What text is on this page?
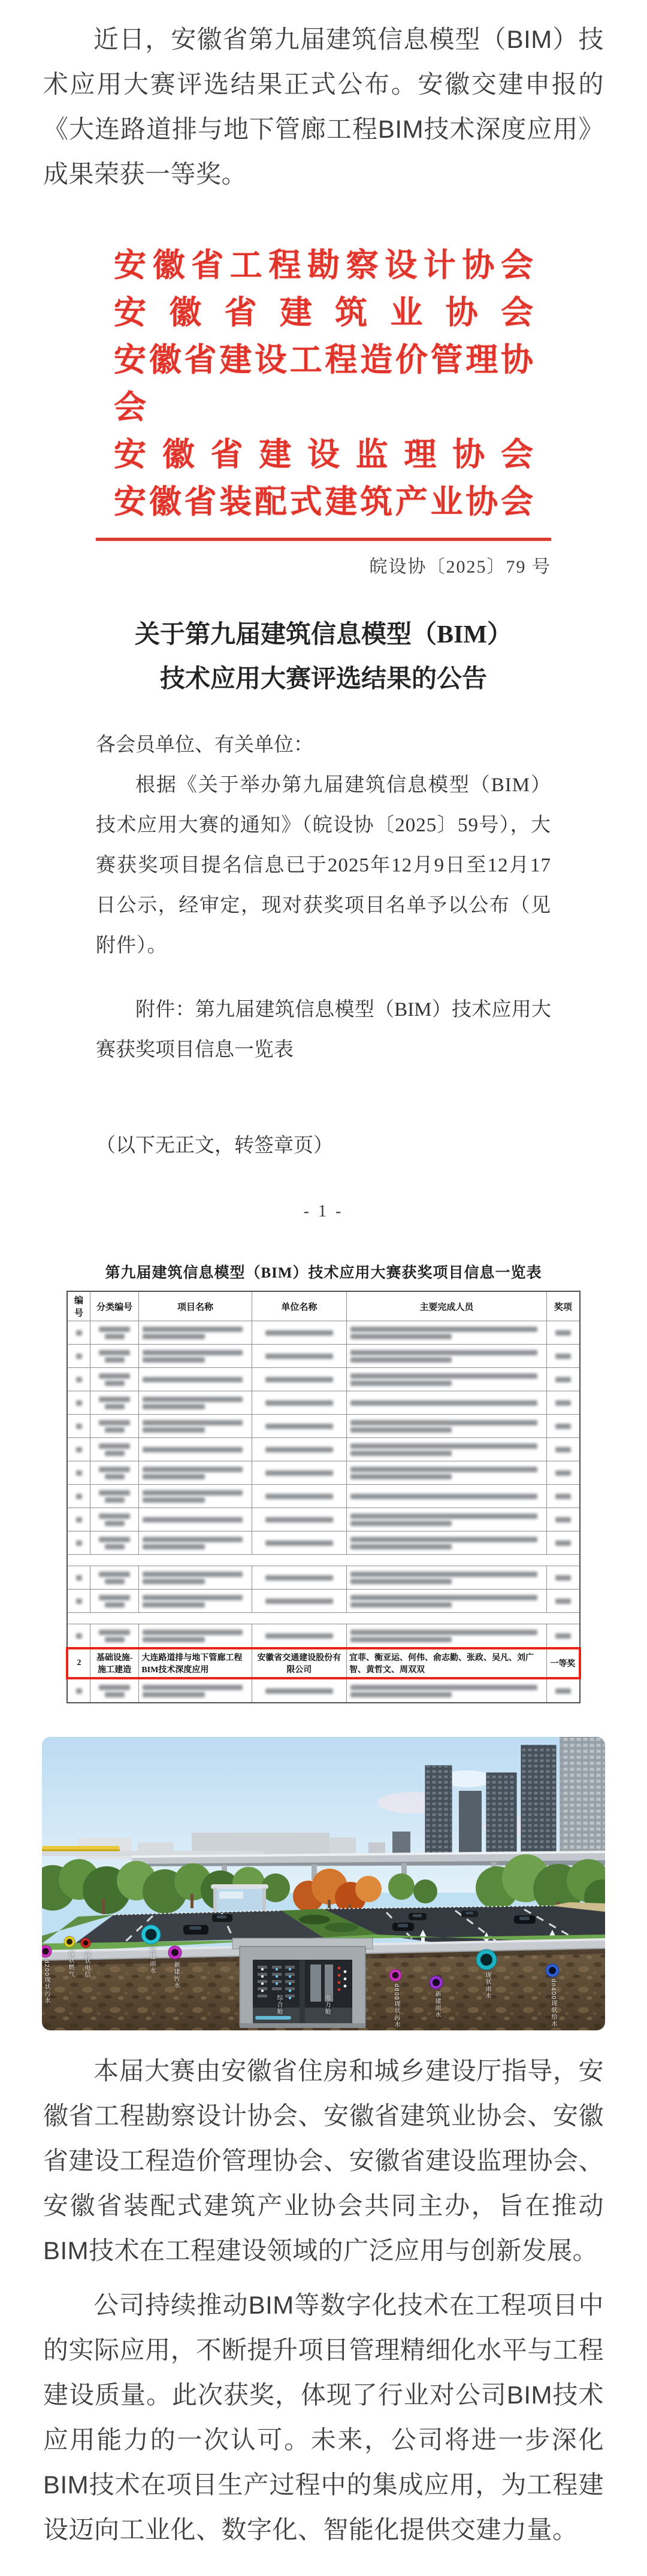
近日，安徽省第九届建筑信息模型（BIM）技术应用大赛评选结果正式公布。安徽交建申报的《大连路道排与地下管廊工程BIM技术深度应用》成果荣获一等奖。

安徽省工程勘察设计协会
安徽省建筑业协会
安徽省建设工程造价管理协会
安徽省建设监理协会
安徽省装配式建筑产业协会
皖设协〔2025〕79 号
关于第九届建筑信息模型（BIM）
技术应用大赛评选结果的公告

各会员单位、有关单位：

根据《关于举办第九届建筑信息模型（BIM）技术应用大赛的通知》（皖设协〔2025〕59号），大赛获奖项目提名信息已于2025年12月9日至12月17日公示，经审定，现对获奖项目名单予以公布（见附件）。

附件：第九届建筑信息模型（BIM）技术应用大赛获奖项目信息一览表

（以下无正文，转签章页）

- 1 -
第九届建筑信息模型（BIM）技术应用大赛获奖项目信息一览表
编号	分类编号	项目名称	单位名称	主要完成人员	奖项

2	基础设施-施工建造	大连路道排与地下管廊工程BIM技术深度应用	安徽省交通建设股份有限公司	宜菲、衡亚运、何伟、俞志勤、张政、吴凡、刘广智、黄哲文、周双双	一等奖

d200现状污水	现状燃气 现状电信	新建雨水
新建污水
综合舱	电力舱	d800现状污水	新建雨水
现状雨水	dn400现状给水

本届大赛由安徽省住房和城乡建设厅指导，安徽省工程勘察设计协会、安徽省建筑业协会、安徽省建设工程造价管理协会、安徽省建设监理协会、安徽省装配式建筑产业协会共同主办，旨在推动BIM技术在工程建设领域的广泛应用与创新发展。

公司持续推动BIM等数字化技术在工程项目中的实际应用，不断提升项目管理精细化水平与工程建设质量。此次获奖，体现了行业对公司BIM技术应用能力的一次认可。未来，公司将进一步深化BIM技术在项目生产过程中的集成应用，为工程建设迈向工业化、数字化、智能化提供交建力量。
